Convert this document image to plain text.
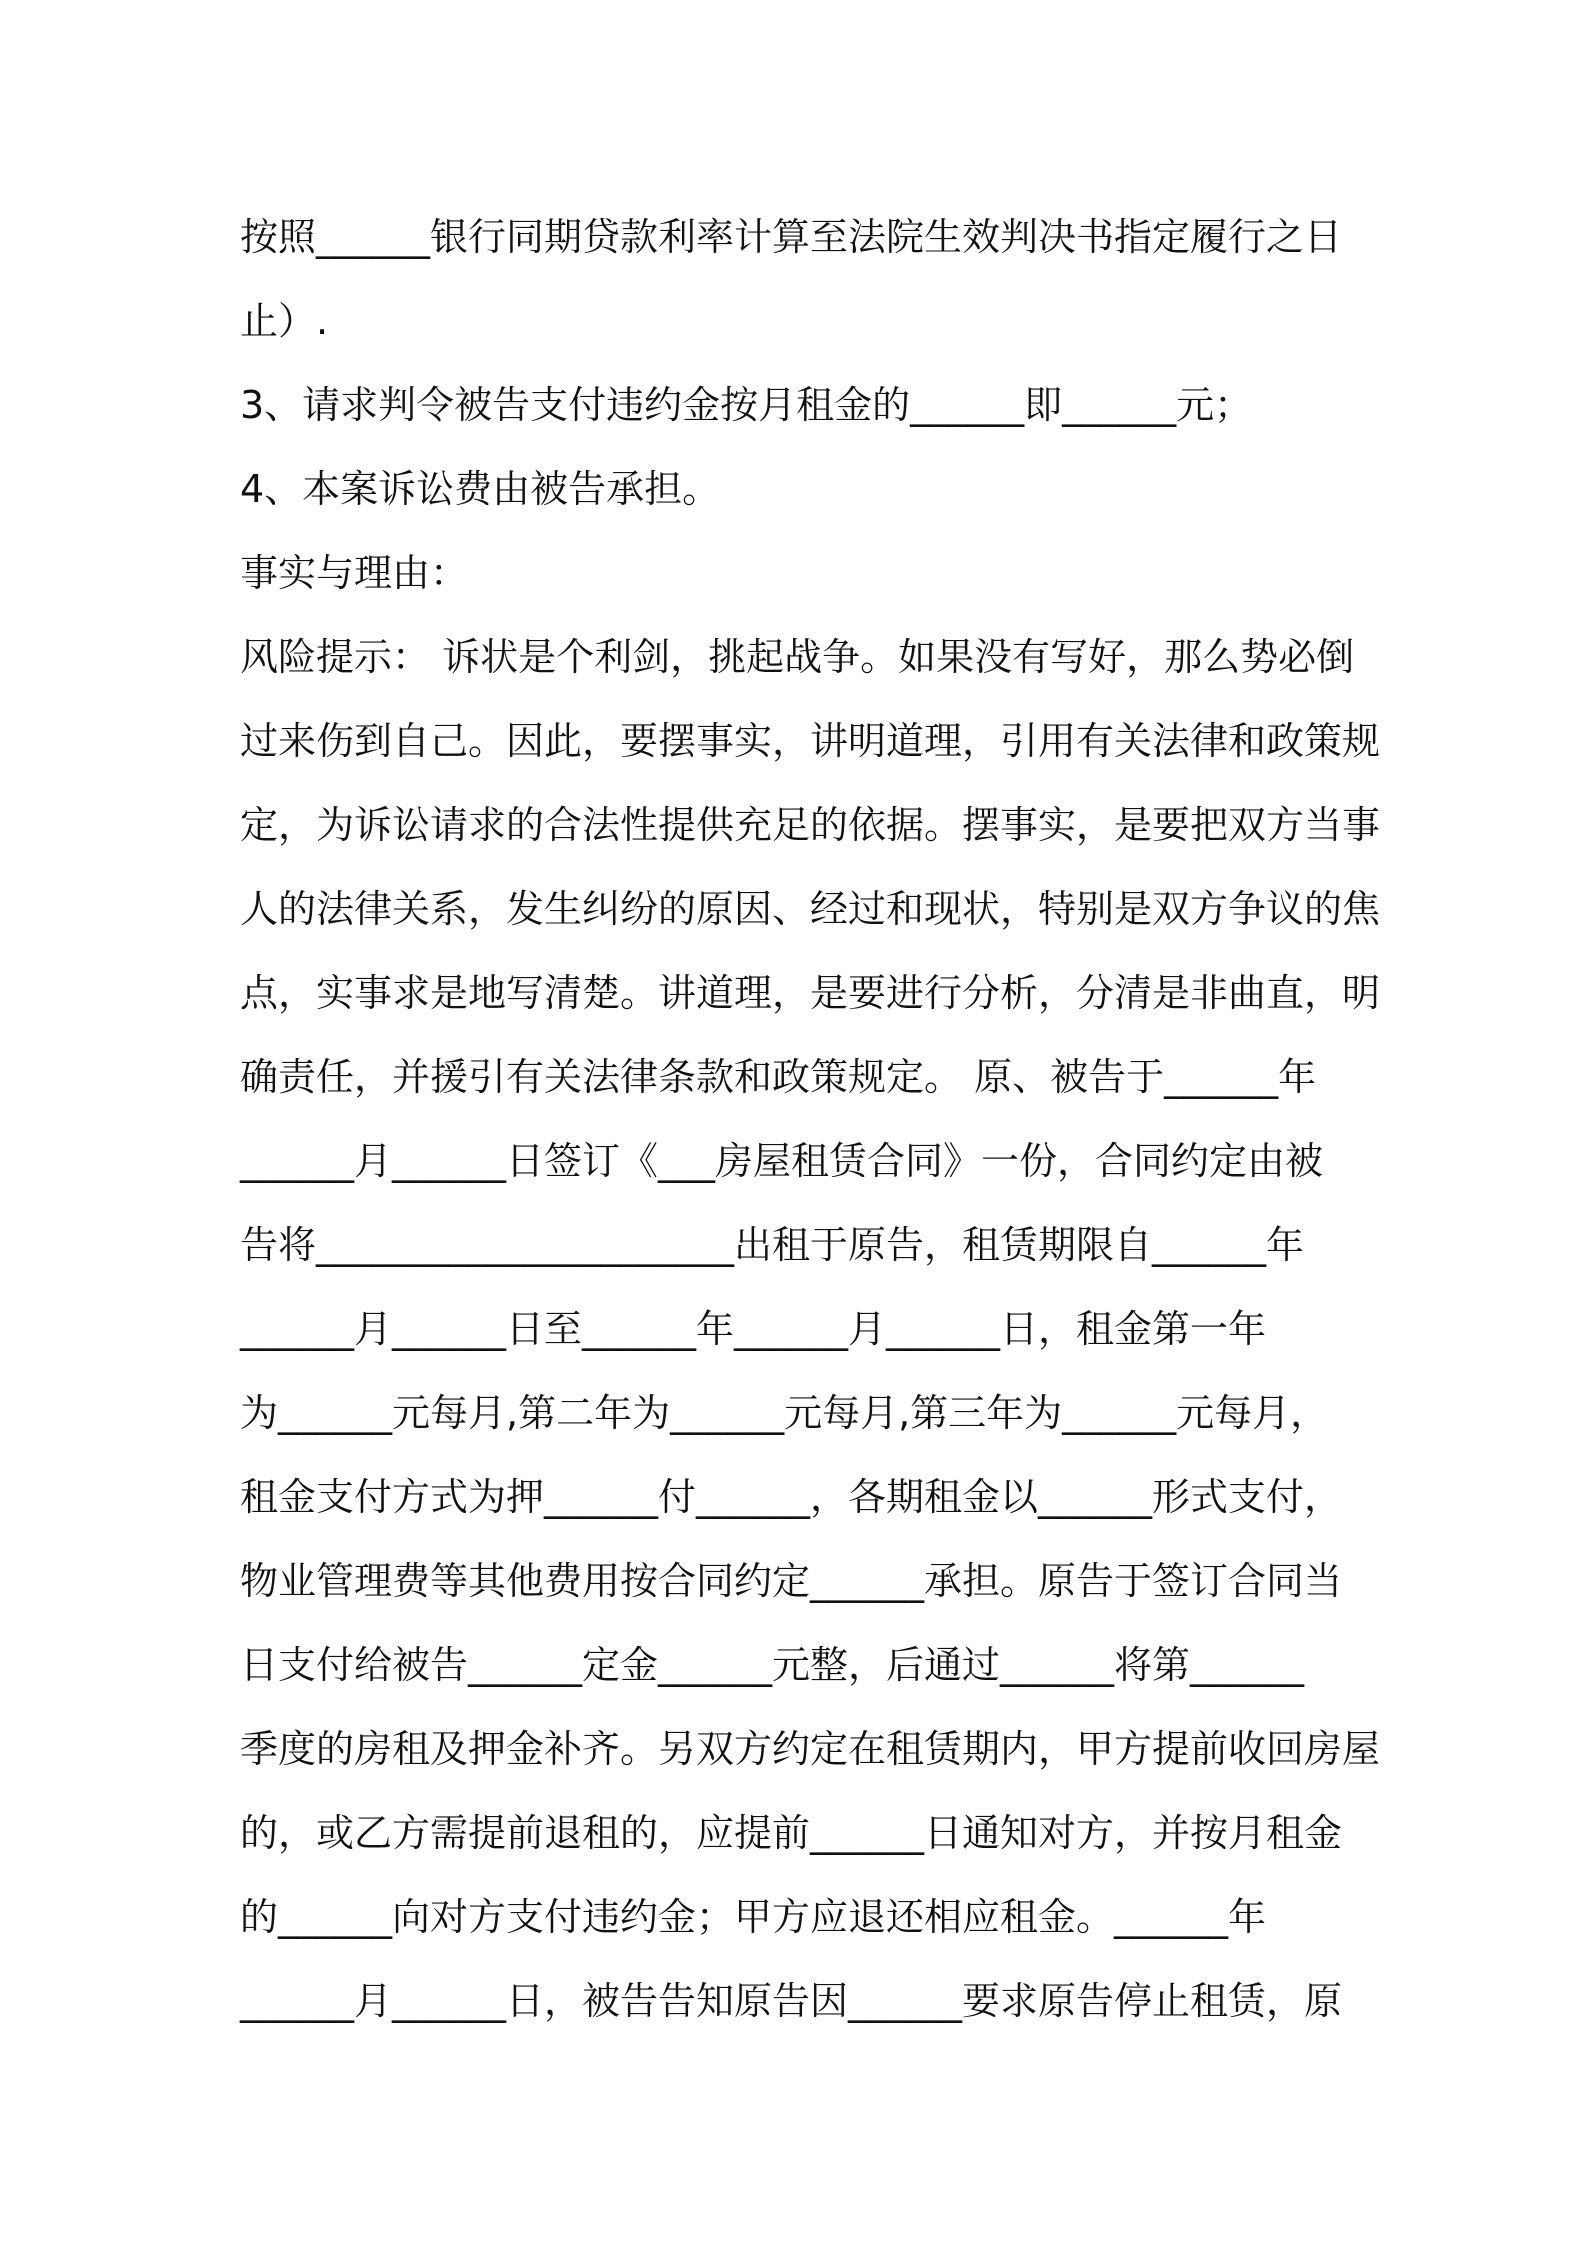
按照______银行同期贷款利率计算至法院生效判决书指定履行之日
止）.
3、请求判令被告支付违约金按月租金的______即______元；
4、本案诉讼费由被告承担。
事实与理由：
风险提示： 诉状是个利剑，挑起战争。如果没有写好，那么势必倒
过来伤到自己。因此，要摆事实，讲明道理，引用有关法律和政策规
定，为诉讼请求的合法性提供充足的依据。摆事实，是要把双方当事
人的法律关系，发生纠纷的原因、经过和现状，特别是双方争议的焦
点，实事求是地写清楚。讲道理，是要进行分析，分清是非曲直，明
确责任，并援引有关法律条款和政策规定。 原、被告于______年
______月______日签订《___房屋租赁合同》一份，合同约定由被
告将______________________出租于原告，租赁期限自______年
______月______日至______年______月______日，租金第一年
为______元每月,第二年为______元每月,第三年为______元每月，
租金支付方式为押______付______，各期租金以______形式支付，
物业管理费等其他费用按合同约定______承担。原告于签订合同当
日支付给被告______定金______元整，后通过______将第______
季度的房租及押金补齐。另双方约定在租赁期内，甲方提前收回房屋
的，或乙方需提前退租的，应提前______日通知对方，并按月租金
的______向对方支付违约金；甲方应退还相应租金。______年
______月______日，被告告知原告因______要求原告停止租赁，原
